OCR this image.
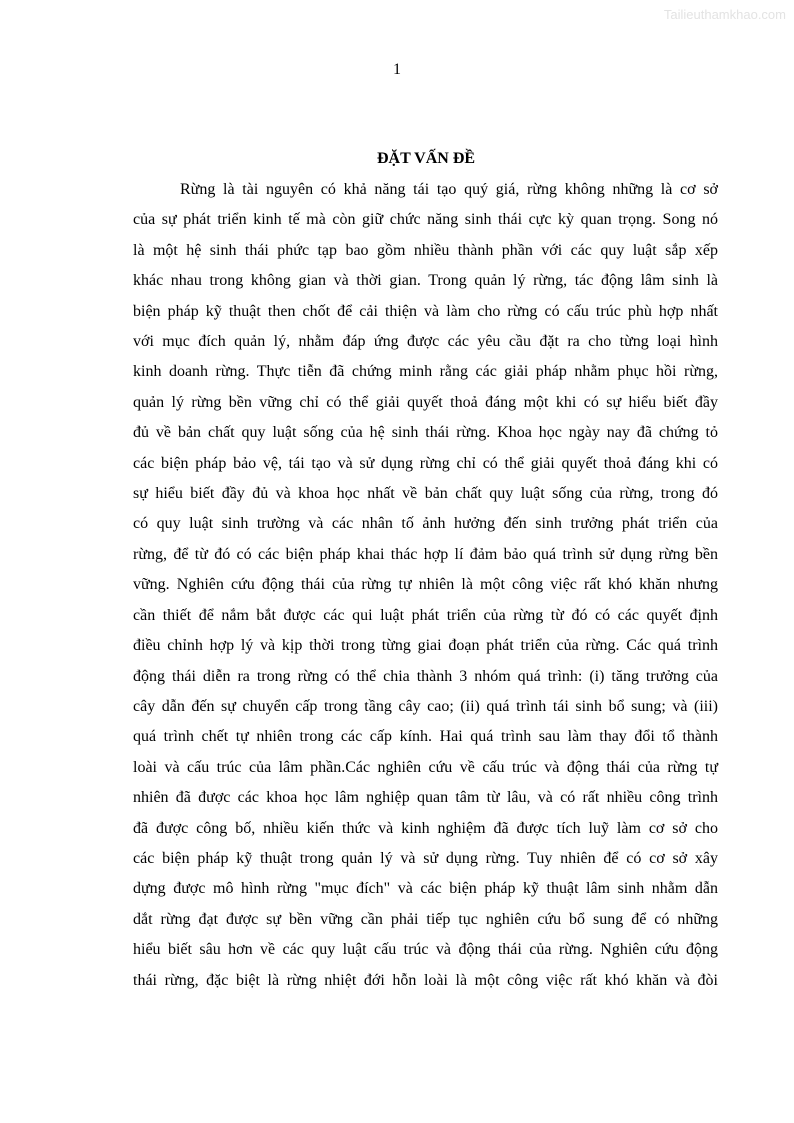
Tailieuthamkhao.com
1
ĐẶT VẤN ĐỀ
Rừng là tài nguyên có khả năng tái tạo quý giá, rừng không những là cơ sở
của sự phát triển kinh tế mà còn giữ chức năng sinh thái cực kỳ quan trọng. Song nó
là một hệ sinh thái phức tạp bao gồm nhiều thành phần với các quy luật sắp xếp
khác nhau trong không gian và thời gian. Trong quản lý rừng, tác động lâm sinh là
biện pháp kỹ thuật then chốt để cải thiện và làm cho rừng có cấu trúc phù hợp nhất
với mục đích quản lý, nhằm đáp ứng được các yêu cầu đặt ra cho từng loại hình
kinh doanh rừng. Thực tiễn đã chứng minh rằng các giải pháp nhằm phục hồi rừng,
quản lý rừng bền vững chỉ có thể giải quyết thoả đáng một khi có sự hiểu biết đầy
đủ về bản chất quy luật sống của hệ sinh thái rừng. Khoa học ngày nay đã chứng tỏ
các biện pháp bảo vệ, tái tạo và sử dụng rừng chỉ có thể giải quyết thoả đáng khi có
sự hiểu biết đầy đủ và khoa học nhất về bản chất quy luật sống của rừng, trong đó
có quy luật sinh trường và các nhân tố ảnh hưởng đến sinh trưởng phát triển của
rừng, để từ đó có các biện pháp khai thác hợp lí đảm bảo quá trình sử dụng rừng bền
vững. Nghiên cứu động thái của rừng tự nhiên là một công việc rất khó khăn nhưng
cần thiết để nắm bắt được các qui luật phát triển của rừng từ đó có các quyết định
điều chỉnh hợp lý và kịp thời trong từng giai đoạn phát triển của rừng. Các quá trình
động thái diễn ra trong rừng có thể chia thành 3 nhóm quá trình: (i) tăng trưởng của
cây dẫn đến sự chuyển cấp trong tầng cây cao; (ii) quá trình tái sinh bổ sung; và (iii)
quá trình chết tự nhiên trong các cấp kính. Hai quá trình sau làm thay đổi tổ thành
loài và cấu trúc của lâm phần.Các nghiên cứu về cấu trúc và động thái của rừng tự
nhiên đã được các khoa học lâm nghiệp quan tâm từ lâu, và có rất nhiều công trình
đã được công bố, nhiều kiến thức và kinh nghiệm đã được tích luỹ làm cơ sở cho
các biện pháp kỹ thuật trong quản lý và sử dụng rừng. Tuy nhiên để có cơ sở xây
dựng được mô hình rừng "mục đích" và các biện pháp kỹ thuật lâm sinh nhằm dẫn
dắt rừng đạt được sự bền vững cần phải tiếp tục nghiên cứu bổ sung để có những
hiểu biết sâu hơn về các quy luật cấu trúc và động thái của rừng. Nghiên cứu động
thái rừng, đặc biệt là rừng nhiệt đới hỗn loài là một công việc rất khó khăn và đòi
